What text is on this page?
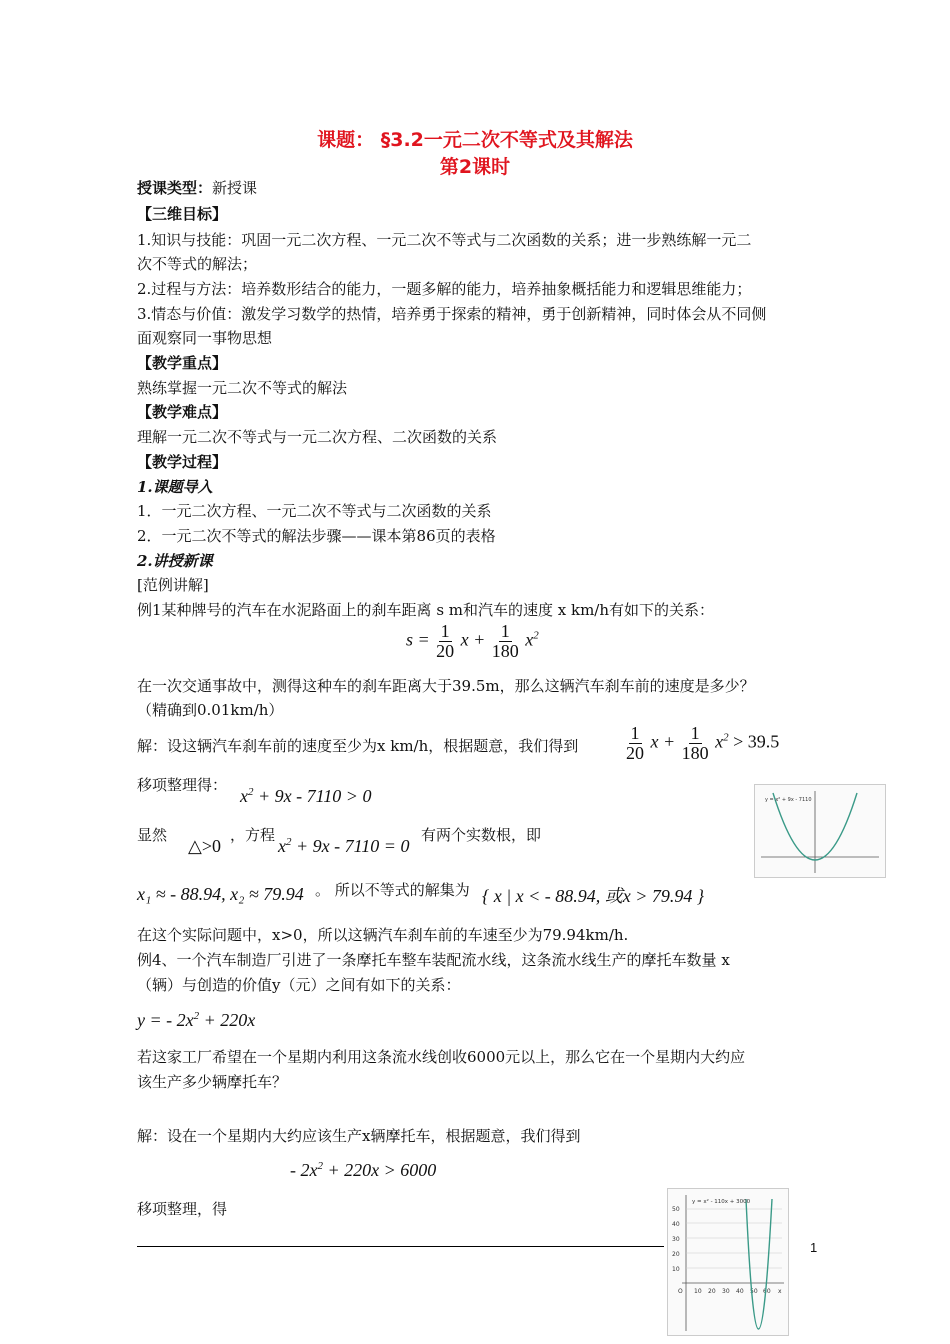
课题： §3.2一元二次不等式及其解法
第2课时
授课类型：新授课
【三维目标】
1.知识与技能：巩固一元二次方程、一元二次不等式与二次函数的关系；进一步熟练解一元二
次不等式的解法；
2.过程与方法：培养数形结合的能力，一题多解的能力，培养抽象概括能力和逻辑思维能力；
3.情态与价值：激发学习数学的热情，培养勇于探索的精神，勇于创新精神，同时体会从不同侧
面观察同一事物思想
【教学重点】
熟练掌握一元二次不等式的解法
【教学难点】
理解一元二次不等式与一元二次方程、二次函数的关系
【教学过程】
1.课题导入
1．一元二次方程、一元二次不等式与二次函数的关系
2．一元二次不等式的解法步骤——课本第86页的表格
2.讲授新课
[范例讲解]
例1某种牌号的汽车在水泥路面上的刹车距离 s m和汽车的速度 x km/h有如下的关系：
$s = \frac{1}{20}$ $x + \frac{1}{180} x^2$
在一次交通事故中，测得这种车的刹车距离大于39.5m，那么这辆汽车刹车前的速度是多少？
（精确到0.01km/h）
解：设这辆汽车刹车前的速度至少为x km/h，根据题意，我们得到	$\frac{1}{20}$ $x + \frac{1}{180} x^2 > 39.5$
移项整理得：
$x^2 + 9x - 7110 > 0$
显然
△>0
，方程
$x^2 + 9x - 7110 = 0$
有两个实数根，即
x₁ ≈ - 88.94, x₂ ≈ 79.94 。 所以不等式的解集为 { x | x < - 88.94, 或x > 79.94 }
在这个实际问题中，x>0，所以这辆汽车刹车前的车速至少为79.94km/h.
y = x² + 9x - 7110
例4、一个汽车制造厂引进了一条摩托车整车装配流水线，这条流水线生产的摩托车数量 x
（辆）与创造的价值y（元）之间有如下的关系：
y = - $2x^2 + 220x$
若这家工厂希望在一个星期内利用这条流水线创收6000元以上，那么它在一个星期内大约应
该生产多少辆摩托车？
解：设在一个星期内大约应该生产x辆摩托车，根据题意，我们得到
- $2x^2 + 220x > 6000$
移项整理，得	50
40
30
20
10
O 10 20 30 40 50 60 x
y = x² - 110x + 3000
1
